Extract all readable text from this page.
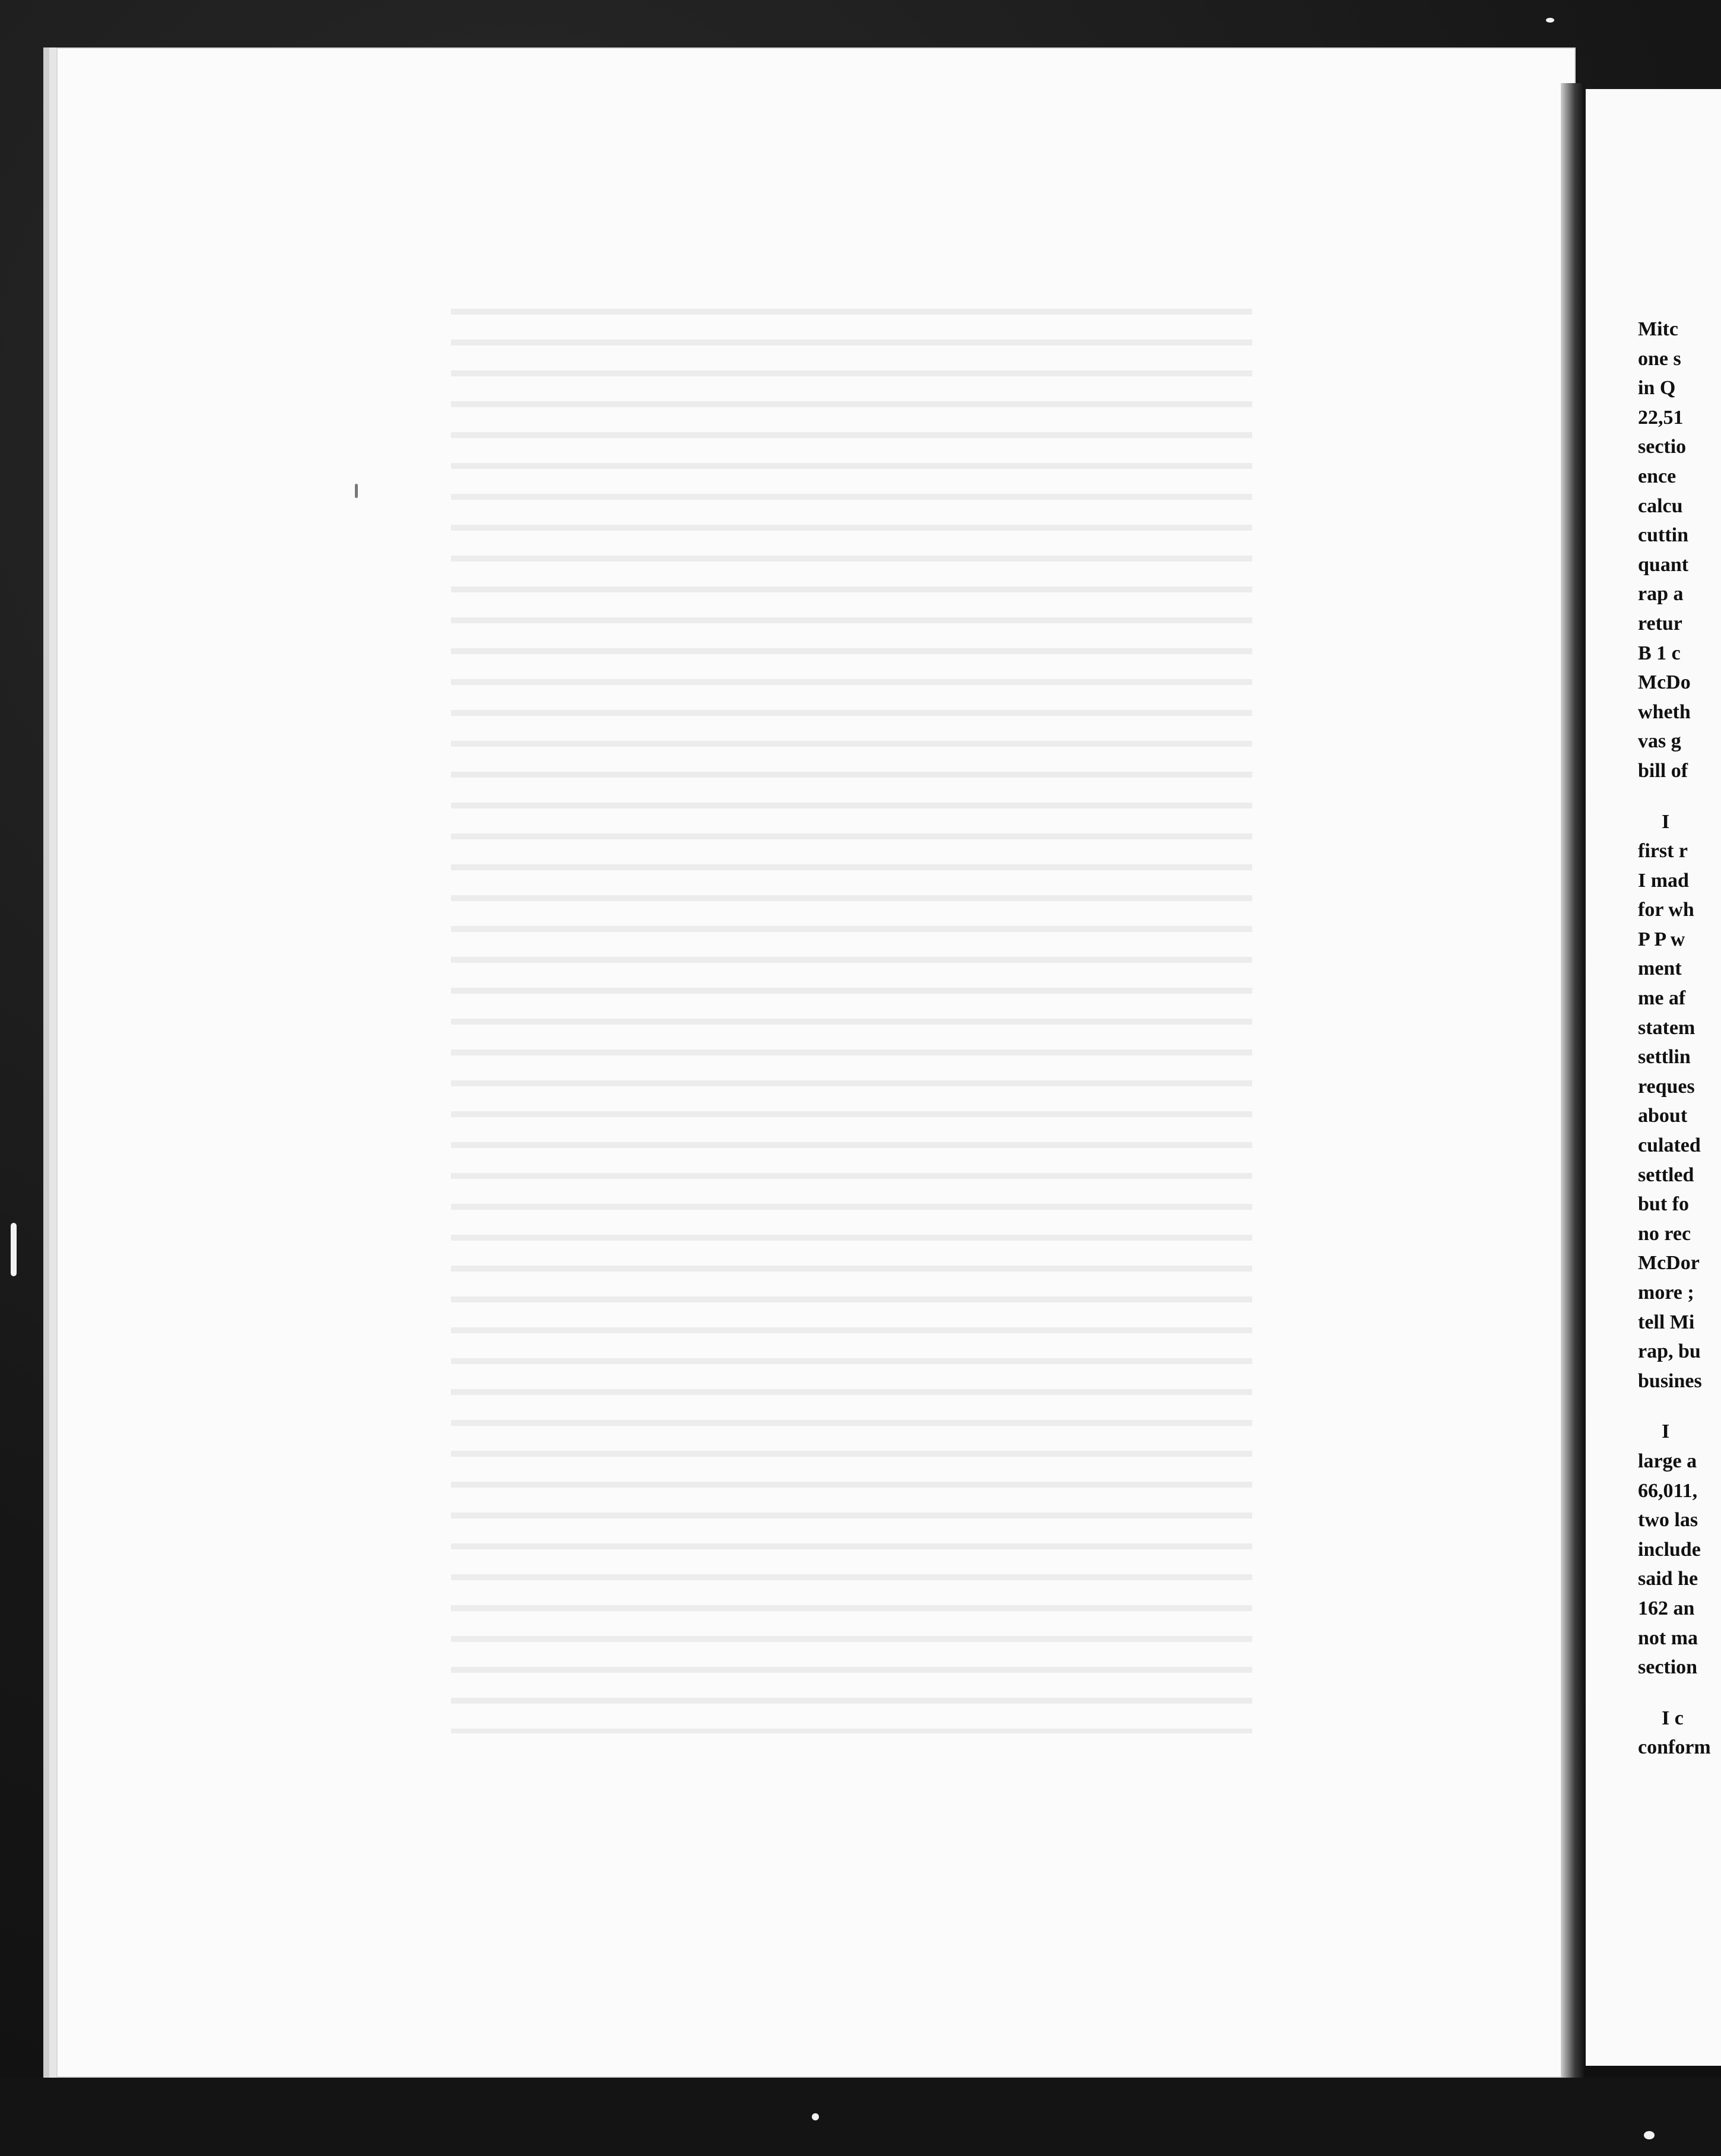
Mitc
one s
in Q
22,51
sectio
ence
calcu
cuttin
quant
rap a
retur
B 1 c
McDo
wheth
vas g
bill of
I
first r
I mad
for wh
P P w
ment
me af
statem
settlin
reques
about
culated
settled
but fo
no rec
McDor
more ;
tell Mi
rap, bu
busines
I
large a
66,011,
two las
include
said he
162 an
not ma
section
I c
conform
